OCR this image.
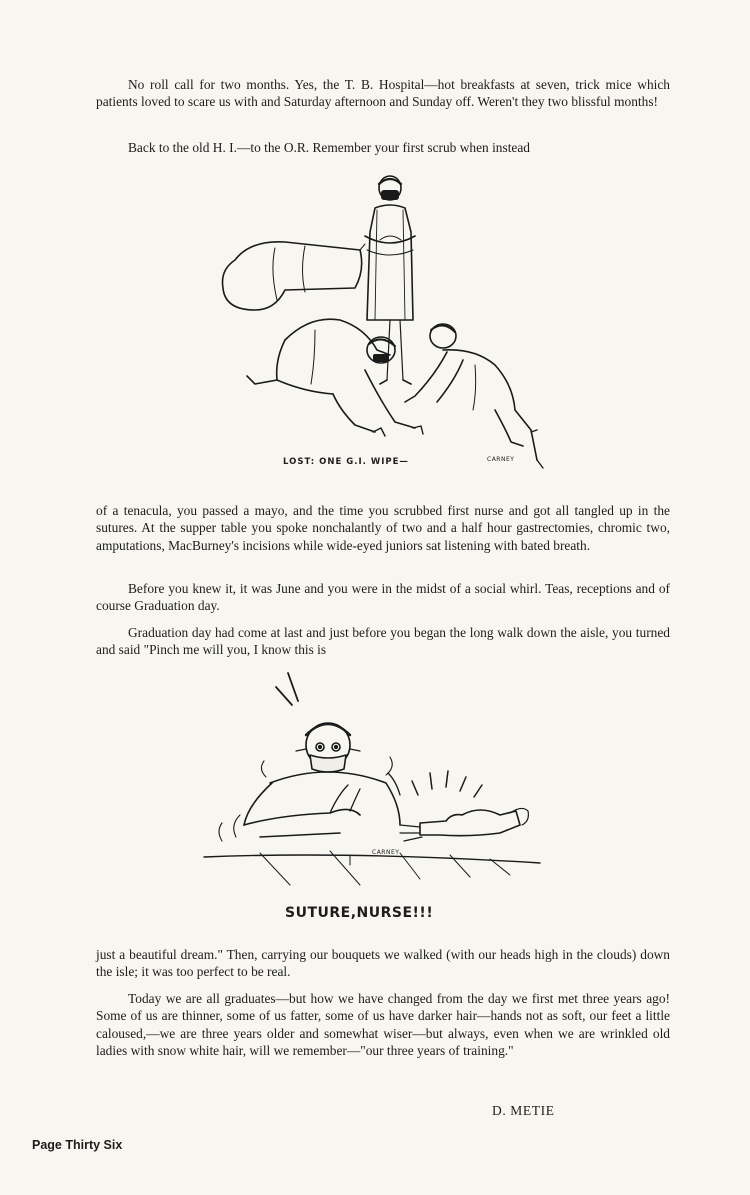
No roll call for two months. Yes, the T. B. Hospital—hot breakfasts at seven, trick mice which patients loved to scare us with and Saturday afternoon and Sunday off. Weren't they two blissful months!

Back to the old H. I.—to the O.R. Remember your first scrub when instead

LOST: ONE G.I. WIPE—	CARNEY

of a tenacula, you passed a mayo, and the time you scrubbed first nurse and got all tangled up in the sutures. At the supper table you spoke nonchalantly of two and a half hour gastrectomies, chromic two, amputations, MacBurney's incisions while wide-eyed juniors sat listening with bated breath.

Before you knew it, it was June and you were in the midst of a social whirl. Teas, receptions and of course Graduation day.

Graduation day had come at last and just before you began the long walk down the aisle, you turned and said "Pinch me will you, I know this is

CARNEY
SUTURE,NURSE!!!

just a beautiful dream." Then, carrying our bouquets we walked (with our heads high in the clouds) down the isle; it was too perfect to be real.

Today we are all graduates—but how we have changed from the day we first met three years ago! Some of us are thinner, some of us fatter, some of us have darker hair—hands not as soft, our feet a little caloused,—we are three years older and somewhat wiser—but always, even when we are wrinkled old ladies with snow white hair, will we remember—"our three years of training."

D. METIE
Page Thirty Six
